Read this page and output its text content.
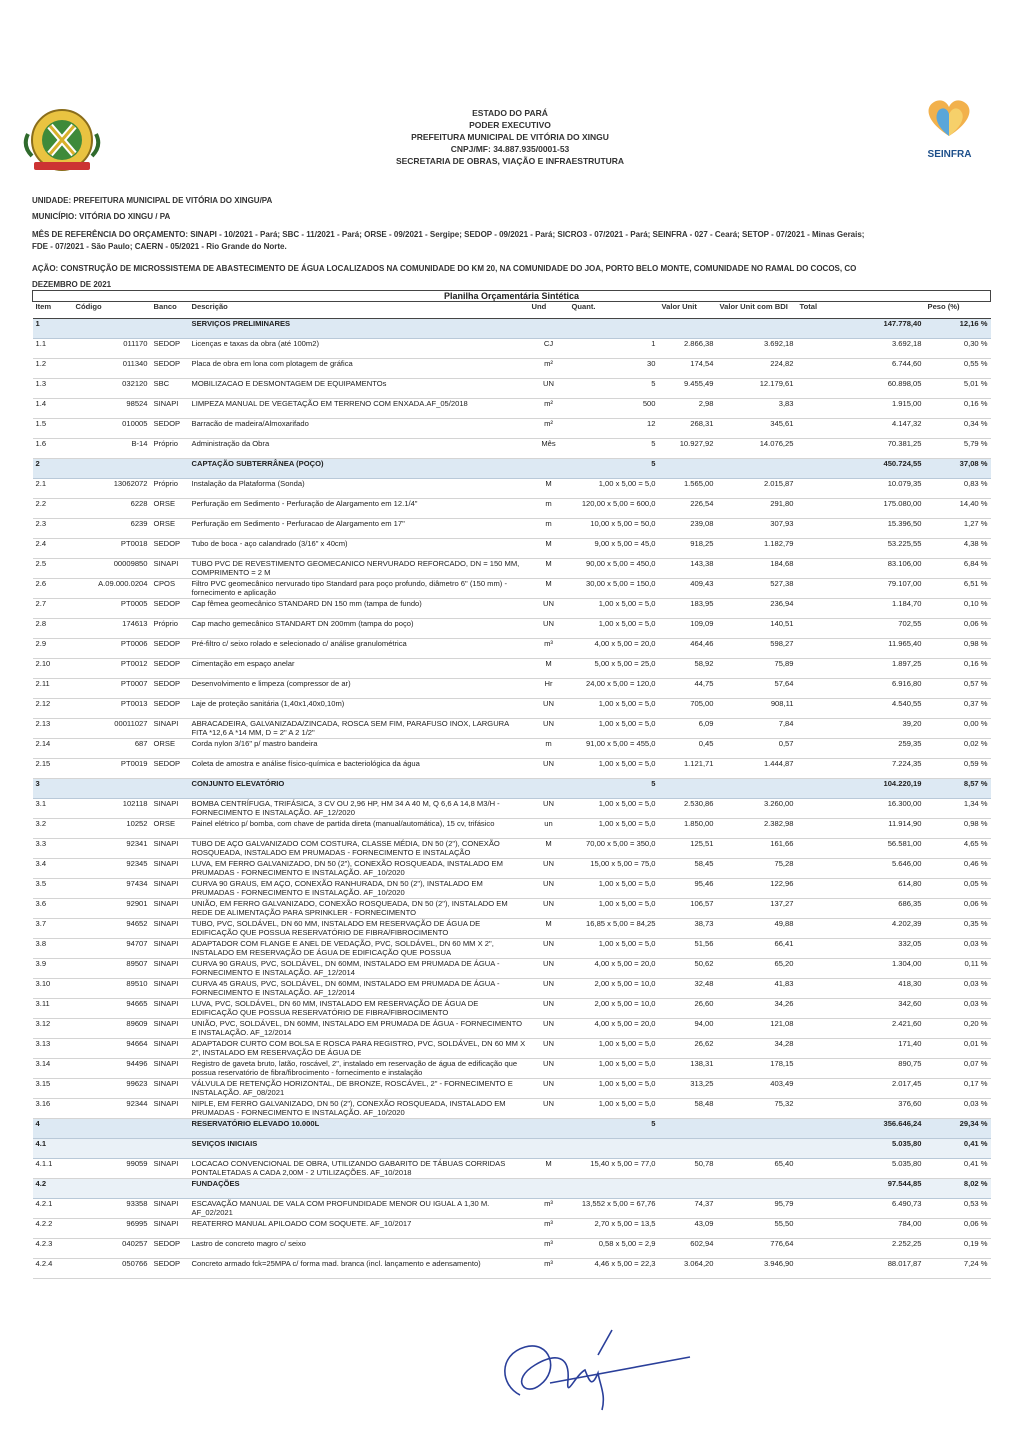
ESTADO DO PARÁ
PODER EXECUTIVO
PREFEITURA MUNICIPAL DE VITÓRIA DO XINGU
CNPJ/MF: 34.887.935/0001-53
SECRETARIA DE OBRAS, VIAÇÃO E INFRAESTRUTURA
SEINFRA
UNIDADE: PREFEITURA MUNICIPAL DE VITÓRIA DO XINGU/PA
MUNICÍPIO: VITÓRIA DO XINGU / PA
MÊS DE REFERÊNCIA DO ORÇAMENTO: SINAPI - 10/2021 - Pará; SBC - 11/2021 - Pará; ORSE - 09/2021 - Sergipe; SEDOP - 09/2021 - Pará; SICRO3 - 07/2021 - Pará; SEINFRA - 027 - Ceará; SETOP - 07/2021 - Minas Gerais;
FDE - 07/2021 - São Paulo; CAERN - 05/2021 - Rio Grande do Norte.
AÇÃO: CONSTRUÇÃO DE MICROSSISTEMA DE ABASTECIMENTO DE ÁGUA LOCALIZADOS NA COMUNIDADE DO KM 20, NA COMUNIDADE DO JOA, PORTO BELO MONTE, COMUNIDADE NO RAMAL DO COCOS, CO
DEZEMBRO DE 2021
Planilha Orçamentária Sintética									
Item	Código	Banco	Descrição	Und	Quant.	Valor Unit	Valor Unit com BDI	Total	Peso (%)
1			SERVIÇOS PRELIMINARES					147.778,40	12,16 %
1.1	011170	SEDOP	Licenças e taxas da obra (até 100m2)	CJ	1	2.866,38	3.692,18	3.692,18	0,30 %
1.2	011340	SEDOP	Placa de obra em lona com plotagem de gráfica	m²	30	174,54	224,82	6.744,60	0,55 %
1.3	032120	SBC	MOBILIZACAO E DESMONTAGEM DE EQUIPAMENTOs	UN	5	9.455,49	12.179,61	60.898,05	5,01 %
1.4	98524	SINAPI	LIMPEZA MANUAL DE VEGETAÇÃO EM TERRENO COM ENXADA.AF_05/2018	m²	500	2,98	3,83	1.915,00	0,16 %
1.5	010005	SEDOP	Barracão de madeira/Almoxarifado	m²	12	268,31	345,61	4.147,32	0,34 %
1.6	B-14	Próprio	Administração da Obra	Mês	5	10.927,92	14.076,25	70.381,25	5,79 %
2			CAPTAÇÃO SUBTERRÂNEA (POÇO)		5			450.724,55	37,08 %
2.1	13062072	Próprio	Instalação da Plataforma (Sonda)	M	1,00 x 5,00 = 5,0	1.565,00	2.015,87	10.079,35	0,83 %
2.2	6228	ORSE	Perfuração em Sedimento - Perfuração de Alargamento em 12.1/4"	m	120,00 x 5,00 = 600,0	226,54	291,80	175.080,00	14,40 %
2.3	6239	ORSE	Perfuração em Sedimento - Perfuracao de Alargamento em 17"	m	10,00 x 5,00 = 50,0	239,08	307,93	15.396,50	1,27 %
2.4	PT0018	SEDOP	Tubo de boca - aço calandrado (3/16" x 40cm)	M	9,00 x 5,00 = 45,0	918,25	1.182,79	53.225,55	4,38 %
2.5	00009850	SINAPI	TUBO PVC DE REVESTIMENTO GEOMECANICO NERVURADO REFORCADO, DN = 150 MM, COMPRIMENTO = 2 M	M	90,00 x 5,00 = 450,0	143,38	184,68	83.106,00	6,84 %
2.6	A.09.000.0204	CPOS	Filtro PVC geomecânico nervurado tipo Standard para poço profundo, diâmetro 6" (150 mm) - fornecimento e aplicação	M	30,00 x 5,00 = 150,0	409,43	527,38	79.107,00	6,51 %
2.7	PT0005	SEDOP	Cap fêmea geomecânico STANDARD DN 150 mm (tampa de fundo)	UN	1,00 x 5,00 = 5,0	183,95	236,94	1.184,70	0,10 %
2.8	174613	Próprio	Cap macho gemecânico STANDART DN 200mm (tampa do poço)	UN	1,00 x 5,00 = 5,0	109,09	140,51	702,55	0,06 %
2.9	PT0006	SEDOP	Pré-filtro c/ seixo rolado e selecionado c/ análise granulométrica	m³	4,00 x 5,00 = 20,0	464,46	598,27	11.965,40	0,98 %
2.10	PT0012	SEDOP	Cimentação em espaço anelar	M	5,00 x 5,00 = 25,0	58,92	75,89	1.897,25	0,16 %
2.11	PT0007	SEDOP	Desenvolvimento e limpeza (compressor de ar)	Hr	24,00 x 5,00 = 120,0	44,75	57,64	6.916,80	0,57 %
2.12	PT0013	SEDOP	Laje de proteção sanitária (1,40x1,40x0,10m)	UN	1,00 x 5,00 = 5,0	705,00	908,11	4.540,55	0,37 %
2.13	00011027	SINAPI	ABRACADEIRA, GALVANIZADA/ZINCADA, ROSCA SEM FIM, PARAFUSO INOX, LARGURA FITA *12,6 A *14 MM, D = 2" A 2 1/2"	UN	1,00 x 5,00 = 5,0	6,09	7,84	39,20	0,00 %
2.14	687	ORSE	Corda nylon 3/16" p/ mastro bandeira	m	91,00 x 5,00 = 455,0	0,45	0,57	259,35	0,02 %
2.15	PT0019	SEDOP	Coleta de amostra e análise físico-química e bacteriológica da água	UN	1,00 x 5,00 = 5,0	1.121,71	1.444,87	7.224,35	0,59 %
3			CONJUNTO ELEVATÓRIO		5			104.220,19	8,57 %
3.1	102118	SINAPI	BOMBA CENTRÍFUGA, TRIFÁSICA, 3 CV OU 2,96 HP, HM 34 A 40 M, Q 6,6 A 14,8 M3/H - FORNECIMENTO E INSTALAÇÃO. AF_12/2020	UN	1,00 x 5,00 = 5,0	2.530,86	3.260,00	16.300,00	1,34 %
3.2	10252	ORSE	Painel elétrico p/ bomba, com chave de partida direta (manual/automática), 15 cv, trifásico	un	1,00 x 5,00 = 5,0	1.850,00	2.382,98	11.914,90	0,98 %
3.3	92341	SINAPI	TUBO DE AÇO GALVANIZADO COM COSTURA, CLASSE MÉDIA, DN 50 (2"), CONEXÃO ROSQUEADA, INSTALADO EM PRUMADAS - FORNECIMENTO E INSTALAÇÃO	M	70,00 x 5,00 = 350,0	125,51	161,66	56.581,00	4,65 %
3.4	92345	SINAPI	LUVA, EM FERRO GALVANIZADO, DN 50 (2"), CONEXÃO ROSQUEADA, INSTALADO EM PRUMADAS - FORNECIMENTO E INSTALAÇÃO. AF_10/2020	UN	15,00 x 5,00 = 75,0	58,45	75,28	5.646,00	0,46 %
3.5	97434	SINAPI	CURVA 90 GRAUS, EM AÇO, CONEXÃO RANHURADA, DN 50 (2"), INSTALADO EM PRUMADAS - FORNECIMENTO E INSTALAÇÃO. AF_10/2020	UN	1,00 x 5,00 = 5,0	95,46	122,96	614,80	0,05 %
3.6	92901	SINAPI	UNIÃO, EM FERRO GALVANIZADO, CONEXÃO ROSQUEADA, DN 50 (2"), INSTALADO EM REDE DE ALIMENTAÇÃO PARA SPRINKLER - FORNECIMENTO	UN	1,00 x 5,00 = 5,0	106,57	137,27	686,35	0,06 %
3.7	94652	SINAPI	TUBO, PVC, SOLDÁVEL, DN 60 MM, INSTALADO EM RESERVAÇÃO DE ÁGUA DE EDIFICAÇÃO QUE POSSUA RESERVATÓRIO DE FIBRA/FIBROCIMENTO	M	16,85 x 5,00 = 84,25	38,73	49,88	4.202,39	0,35 %
3.8	94707	SINAPI	ADAPTADOR COM FLANGE E ANEL DE VEDAÇÃO, PVC, SOLDÁVEL, DN 60 MM X 2", INSTALADO EM RESERVAÇÃO DE ÁGUA DE EDIFICAÇÃO QUE POSSUA	UN	1,00 x 5,00 = 5,0	51,56	66,41	332,05	0,03 %
3.9	89507	SINAPI	CURVA 90 GRAUS, PVC, SOLDÁVEL, DN 60MM, INSTALADO EM PRUMADA DE ÁGUA - FORNECIMENTO E INSTALAÇÃO. AF_12/2014	UN	4,00 x 5,00 = 20,0	50,62	65,20	1.304,00	0,11 %
3.10	89510	SINAPI	CURVA 45 GRAUS, PVC, SOLDÁVEL, DN 60MM, INSTALADO EM PRUMADA DE ÁGUA - FORNECIMENTO E INSTALAÇÃO. AF_12/2014	UN	2,00 x 5,00 = 10,0	32,48	41,83	418,30	0,03 %
3.11	94665	SINAPI	LUVA, PVC, SOLDÁVEL, DN 60 MM, INSTALADO EM RESERVAÇÃO DE ÁGUA DE EDIFICAÇÃO QUE POSSUA RESERVATÓRIO DE FIBRA/FIBROCIMENTO	UN	2,00 x 5,00 = 10,0	26,60	34,26	342,60	0,03 %
3.12	89609	SINAPI	UNIÃO, PVC, SOLDÁVEL, DN 60MM, INSTALADO EM PRUMADA DE ÁGUA - FORNECIMENTO E INSTALAÇÃO. AF_12/2014	UN	4,00 x 5,00 = 20,0	94,00	121,08	2.421,60	0,20 %
3.13	94664	SINAPI	ADAPTADOR CURTO COM BOLSA E ROSCA PARA REGISTRO, PVC, SOLDÁVEL, DN 60 MM X 2", INSTALADO EM RESERVAÇÃO DE ÁGUA DE	UN	1,00 x 5,00 = 5,0	26,62	34,28	171,40	0,01 %
3.14	94496	SINAPI	Registro de gaveta bruto, latão, roscável, 2", instalado em reservação de água de edificação que possua reservatório de fibra/fibrocimento - fornecimento e instalação	UN	1,00 x 5,00 = 5,0	138,31	178,15	890,75	0,07 %
3.15	99623	SINAPI	VÁLVULA DE RETENÇÃO HORIZONTAL, DE BRONZE, ROSCÁVEL, 2" - FORNECIMENTO E INSTALAÇÃO. AF_08/2021	UN	1,00 x 5,00 = 5,0	313,25	403,49	2.017,45	0,17 %
3.16	92344	SINAPI	NIPLE, EM FERRO GALVANIZADO, DN 50 (2"), CONEXÃO ROSQUEADA, INSTALADO EM PRUMADAS - FORNECIMENTO E INSTALAÇÃO. AF_10/2020	UN	1,00 x 5,00 = 5,0	58,48	75,32	376,60	0,03 %
4			RESERVATÓRIO ELEVADO 10.000L		5			356.646,24	29,34 %
4.1			SEVIÇOS INICIAIS					5.035,80	0,41 %
4.1.1	99059	SINAPI	LOCACAO CONVENCIONAL DE OBRA, UTILIZANDO GABARITO DE TÁBUAS CORRIDAS PONTALETADAS A CADA 2,00M - 2 UTILIZAÇÕES. AF_10/2018	M	15,40 x 5,00 = 77,0	50,78	65,40	5.035,80	0,41 %
4.2			FUNDAÇÕES					97.544,85	8,02 %
4.2.1	93358	SINAPI	ESCAVAÇÃO MANUAL DE VALA COM PROFUNDIDADE MENOR OU IGUAL A 1,30 M. AF_02/2021	m³	13,552 x 5,00 = 67,76	74,37	95,79	6.490,73	0,53 %
4.2.2	96995	SINAPI	REATERRO MANUAL APILOADO COM SOQUETE. AF_10/2017	m³	2,70 x 5,00 = 13,5	43,09	55,50	784,00	0,06 %
4.2.3	040257	SEDOP	Lastro de concreto magro c/ seixo	m³	0,58 x 5,00 = 2,9	602,94	776,64	2.252,25	0,19 %
4.2.4	050766	SEDOP	Concreto armado fck=25MPA c/ forma mad. branca (incl. lançamento e adensamento)	m³	4,46 x 5,00 = 22,3	3.064,20	3.946,90	88.017,87	7,24 %
